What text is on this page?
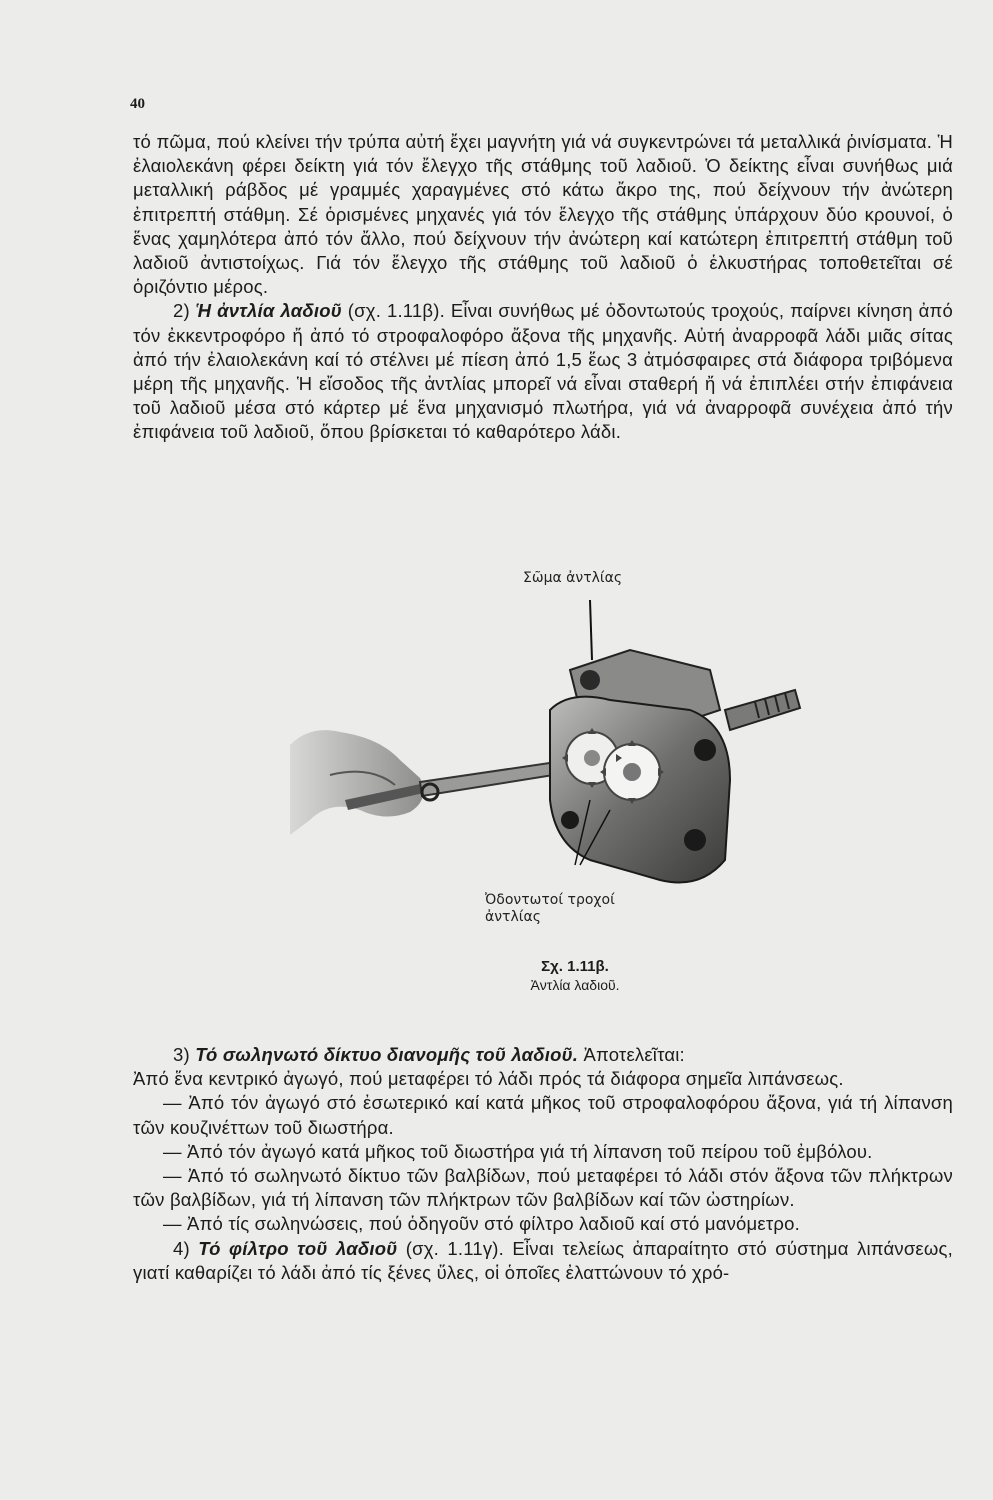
40

τό πῶμα, πού κλείνει τήν τρύπα αὐτή ἔχει μαγνήτη γιά νά συγκεντρώνει τά μεταλλικά ῥινίσματα. Ἡ ἐλαιολεκάνη φέρει δείκτη γιά τόν ἔλεγχο τῆς στάθμης τοῦ λαδιοῦ. Ὁ δείκτης εἶναι συνήθως μιά μεταλλική ράβδος μέ γραμμές χαραγμένες στό κάτω ἄκρο της, πού δείχνουν τήν ἀνώτερη ἐπιτρεπτή στάθμη. Σέ ὁρισμένες μηχανές γιά τόν ἔλεγχο τῆς στάθμης ὑπάρχουν δύο κρουνοί, ὁ ἕνας χαμηλότερα ἀπό τόν ἄλλο, πού δείχνουν τήν ἀνώτερη καί κατώτερη ἐπιτρεπτή στάθμη τοῦ λαδιοῦ ἀντιστοίχως. Γιά τόν ἔλεγχο τῆς στάθμης τοῦ λαδιοῦ ὁ ἑλκυστήρας τοποθετεῖται σέ ὁριζόντιο μέρος.

2) Ἡ ἀντλία λαδιοῦ (σχ. 1.11β). Εἶναι συνήθως μέ ὀδοντωτούς τροχούς, παίρνει κίνηση ἀπό τόν ἐκκεντροφόρο ἤ ἀπό τό στροφαλοφόρο ἄξονα τῆς μηχανῆς. Αὐτή ἀναρροφᾶ λάδι μιᾶς σίτας ἀπό τήν ἐλαιολεκάνη καί τό στέλνει μέ πίεση ἀπό 1,5 ἕως 3 ἀτμόσφαιρες στά διάφορα τριβόμενα μέρη τῆς μηχανῆς. Ἡ εἴσοδος τῆς ἀντλίας μπορεῖ νά εἶναι σταθερή ἤ νά ἐπιπλέει στήν ἐπιφάνεια τοῦ λαδιοῦ μέσα στό κάρτερ μέ ἕνα μηχανισμό πλωτήρα, γιά νά ἀναρροφᾶ συνέχεια ἀπό τήν ἐπιφάνεια τοῦ λαδιοῦ, ὅπου βρίσκεται τό καθαρότερο λάδι.

Σῶμα ἀντλίας
Ὀδοντωτοί τροχοί
ἀντλίας
Σχ. 1.11β.
Ἀντλία λαδιοῦ.

3) Τό σωληνωτό δίκτυο διανομῆς τοῦ λαδιοῦ. Ἀποτελεῖται:

Ἀπό ἕνα κεντρικό ἀγωγό, πού μεταφέρει τό λάδι πρός τά διάφορα σημεῖα λιπάνσεως.

— Ἀπό τόν ἀγωγό στό ἐσωτερικό καί κατά μῆκος τοῦ στροφαλοφόρου ἄξονα, γιά τή λίπανση τῶν κουζινέττων τοῦ διωστήρα.

— Ἀπό τόν ἀγωγό κατά μῆκος τοῦ διωστήρα γιά τή λίπανση τοῦ πείρου τοῦ ἐμβόλου.

— Ἀπό τό σωληνωτό δίκτυο τῶν βαλβίδων, πού μεταφέρει τό λάδι στόν ἄξονα τῶν πλήκτρων τῶν βαλβίδων, γιά τή λίπανση τῶν πλήκτρων τῶν βαλβίδων καί τῶν ὠστηρίων.

— Ἀπό τίς σωληνώσεις, πού ὁδηγοῦν στό φίλτρο λαδιοῦ καί στό μανόμετρο.

4) Τό φίλτρο τοῦ λαδιοῦ (σχ. 1.11γ). Εἶναι τελείως ἀπαραίτητο στό σύστημα λιπάνσεως, γιατί καθαρίζει τό λάδι ἀπό τίς ξένες ὕλες, οἱ ὁποῖες ἐλαττώνουν τό χρό-
